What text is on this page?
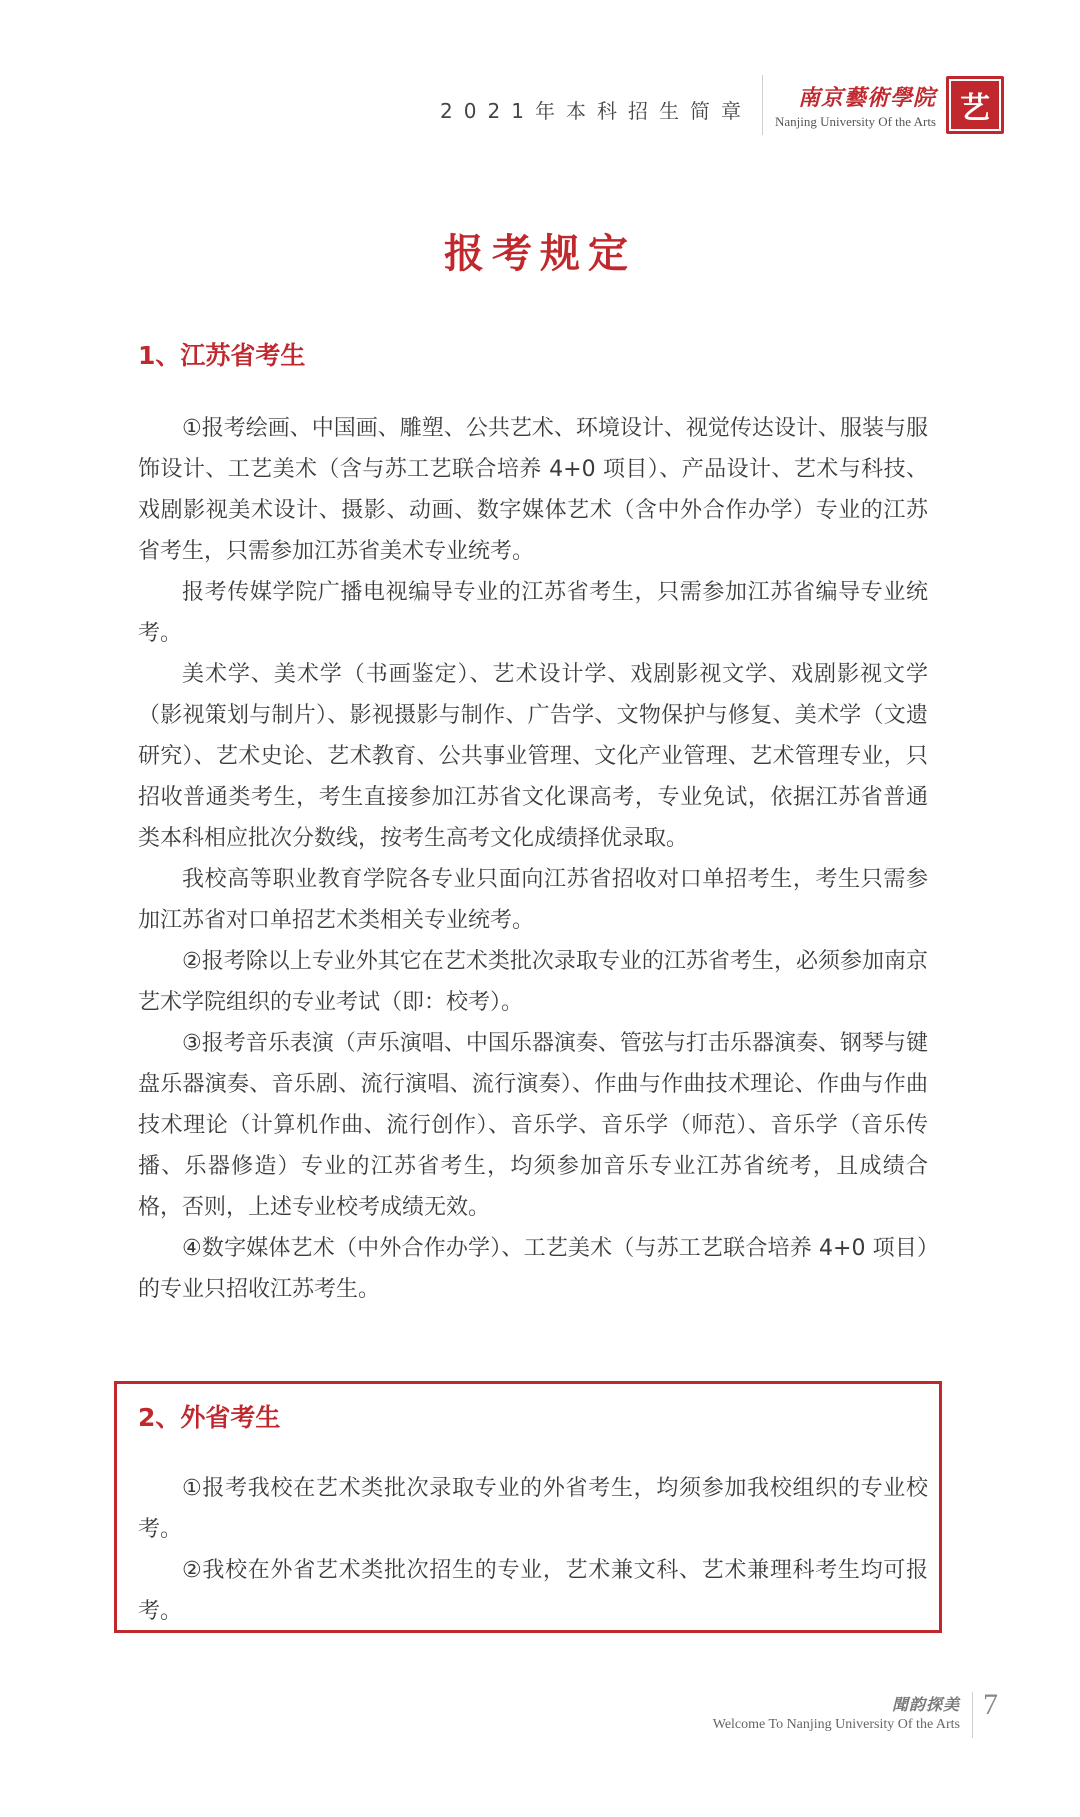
2021年本科招生简章 南京藝術學院
Nanjing University Of the Arts 艺
报考规定
1、江苏省考生

①报考绘画、中国画、雕塑、公共艺术、环境设计、视觉传达设计、服装与服饰设计、工艺美术（含与苏工艺联合培养 4+0 项目）、产品设计、艺术与科技、戏剧影视美术设计、摄影、动画、数字媒体艺术（含中外合作办学）专业的江苏省考生，只需参加江苏省美术专业统考。

报考传媒学院广播电视编导专业的江苏省考生，只需参加江苏省编导专业统考。

美术学、美术学（书画鉴定）、艺术设计学、戏剧影视文学、戏剧影视文学（影视策划与制片）、影视摄影与制作、广告学、文物保护与修复、美术学（文遗研究）、艺术史论、艺术教育、公共事业管理、文化产业管理、艺术管理专业，只招收普通类考生，考生直接参加江苏省文化课高考，专业免试，依据江苏省普通类本科相应批次分数线，按考生高考文化成绩择优录取。

我校高等职业教育学院各专业只面向江苏省招收对口单招考生，考生只需参加江苏省对口单招艺术类相关专业统考。

②报考除以上专业外其它在艺术类批次录取专业的江苏省考生，必须参加南京艺术学院组织的专业考试（即：校考）。

③报考音乐表演（声乐演唱、中国乐器演奏、管弦与打击乐器演奏、钢琴与键盘乐器演奏、音乐剧、流行演唱、流行演奏）、作曲与作曲技术理论、作曲与作曲技术理论（计算机作曲、流行创作）、音乐学、音乐学（师范）、音乐学（音乐传播、乐器修造）专业的江苏省考生，均须参加音乐专业江苏省统考，且成绩合格，否则，上述专业校考成绩无效。

④数字媒体艺术（中外合作办学）、工艺美术（与苏工艺联合培养 4+0 项目）的专业只招收江苏考生。

2、外省考生

①报考我校在艺术类批次录取专业的外省考生，均须参加我校组织的专业校考。

②我校在外省艺术类批次招生的专业，艺术兼文科、艺术兼理科考生均可报考。

聞韵探美
Welcome To Nanjing University Of the Arts
7
